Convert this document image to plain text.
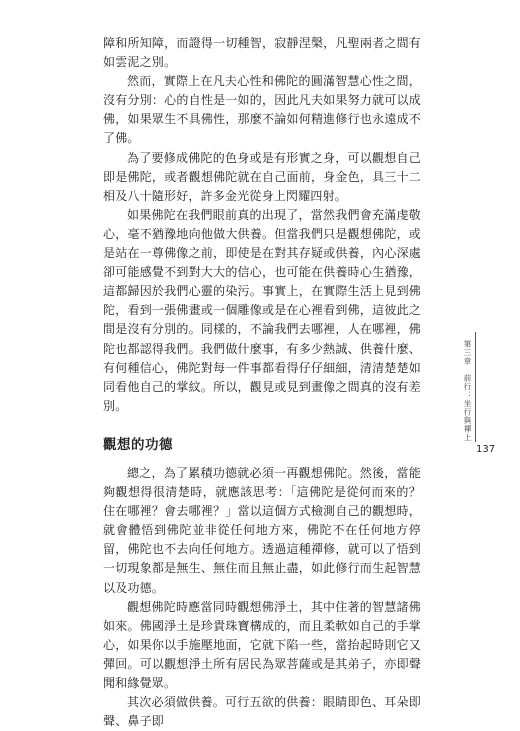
障和所知障，而證得一切種智，寂靜涅槃，凡聖兩者之間有如雲泥之別。

然而，實際上在凡夫心性和佛陀的圓滿智慧心性之間，沒有分別：心的自性是一如的，因此凡夫如果努力就可以成佛，如果眾生不具佛性，那麼不論如何精進修行也永遠成不了佛。

為了要修成佛陀的色身或是有形實之身，可以觀想自己即是佛陀，或者觀想佛陀就在自己面前，身金色，具三十二相及八十隨形好，許多金光從身上閃耀四射。

如果佛陀在我們眼前真的出現了，當然我們會充滿虔敬心，毫不猶豫地向他做大供養。但當我們只是觀想佛陀，或是站在一尊佛像之前，即使是在對其存疑或供養，內心深處卻可能感覺不到對大大的信心，也可能在供養時心生猶豫，這都歸因於我們心靈的染污。事實上，在實際生活上見到佛陀，看到一張佛畫或一個雕像或是在心裡看到佛，這彼此之間是沒有分別的。同樣的，不論我們去哪裡，人在哪裡，佛陀也都認得我們。我們做什麼事，有多少熱誠、供養什麼、有何種信心，佛陀對每一件事都看得仔仔細細，清清楚楚如同看他自己的掌紋。所以，觀見或見到畫像之間真的沒有差別。

觀想的功德

總之，為了累積功德就必須一再觀想佛陀。然後，當能夠觀想得很清楚時，就應該思考：「這佛陀是從何而來的？住在哪裡？會去哪裡？」當以這個方式檢測自己的觀想時，就會體悟到佛陀並非從任何地方來，佛陀不在任何地方停留，佛陀也不去向任何地方。透過這種禪修，就可以了悟到一切現象都是無生、無住而且無止盡，如此修行而生起智慧以及功德。

觀想佛陀時應當同時觀想佛淨土，其中住著的智慧諸佛如來。佛國淨土是珍貴珠寶構成的，而且柔軟如自己的手掌心，如果你以手施壓地面，它就下陷一些，當抬起時則它又彈回。可以觀想淨土所有居民為眾菩薩或是其弟子，亦即聲聞和緣覺眾。

其次必須做供養。可行五欲的供養：眼睛即色、耳朵即聲、鼻子即

第三章　前行：坐行與禪上
137
